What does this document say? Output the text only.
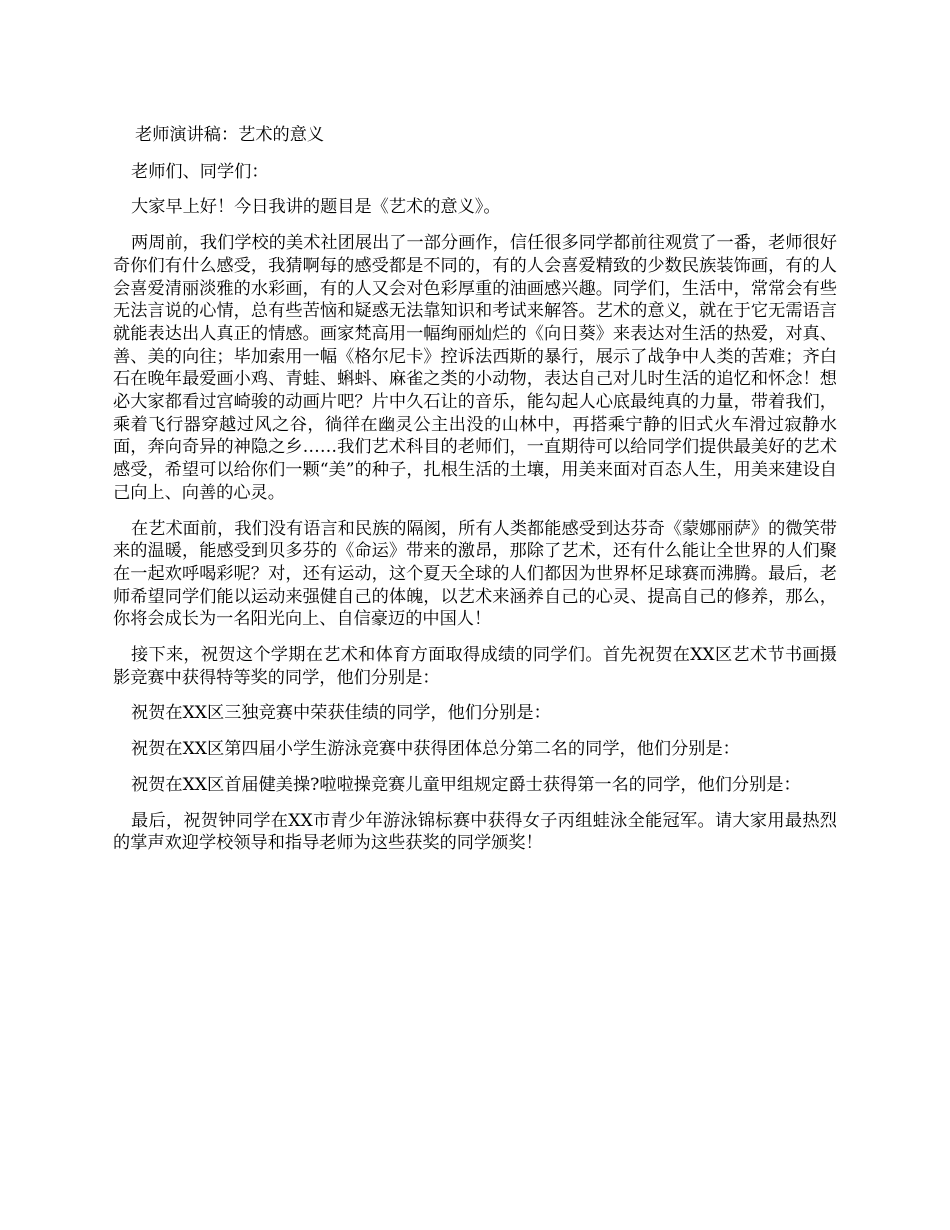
老师演讲稿：艺术的意义

老师们、同学们：

大家早上好！今日我讲的题目是《艺术的意义》。

两周前，我们学校的美术社团展出了一部分画作，信任很多同学都前往观赏了一番，老师很好奇你们有什么感受，我猜啊每的感受都是不同的，有的人会喜爱精致的少数民族装饰画，有的人会喜爱清丽淡雅的水彩画，有的人又会对色彩厚重的油画感兴趣。同学们，生活中，常常会有些无法言说的心情，总有些苦恼和疑惑无法靠知识和考试来解答。艺术的意义，就在于它无需语言就能表达出人真正的情感。画家梵高用一幅绚丽灿烂的《向日葵》来表达对生活的热爱，对真、善、美的向往；毕加索用一幅《格尔尼卡》控诉法西斯的暴行，展示了战争中人类的苦难；齐白石在晚年最爱画小鸡、青蛙、蝌蚪、麻雀之类的小动物，表达自己对儿时生活的追忆和怀念！想必大家都看过宫崎骏的动画片吧？片中久石让的音乐，能勾起人心底最纯真的力量，带着我们，乘着飞行器穿越过风之谷，徜徉在幽灵公主出没的山林中，再搭乘宁静的旧式火车滑过寂静水面，奔向奇异的神隐之乡……我们艺术科目的老师们，一直期待可以给同学们提供最美好的艺术感受，希望可以给你们一颗“美”的种子，扎根生活的土壤，用美来面对百态人生，用美来建设自己向上、向善的心灵。

在艺术面前，我们没有语言和民族的隔阂，所有人类都能感受到达芬奇《蒙娜丽萨》的微笑带来的温暖，能感受到贝多芬的《命运》带来的激昂，那除了艺术，还有什么能让全世界的人们聚在一起欢呼喝彩呢？对，还有运动，这个夏天全球的人们都因为世界杯足球赛而沸腾。最后，老师希望同学们能以运动来强健自己的体魄，以艺术来涵养自己的心灵、提高自己的修养，那么，你将会成长为一名阳光向上、自信豪迈的中国人！

接下来，祝贺这个学期在艺术和体育方面取得成绩的同学们。首先祝贺在XX区艺术节书画摄影竞赛中获得特等奖的同学，他们分别是：

祝贺在XX区三独竞赛中荣获佳绩的同学，他们分别是：

祝贺在XX区第四届小学生游泳竞赛中获得团体总分第二名的同学，他们分别是：

祝贺在XX区首届健美操?啦啦操竞赛儿童甲组规定爵士获得第一名的同学，他们分别是：

最后，祝贺钟同学在XX市青少年游泳锦标赛中获得女子丙组蛙泳全能冠军。请大家用最热烈的掌声欢迎学校领导和指导老师为这些获奖的同学颁奖！
